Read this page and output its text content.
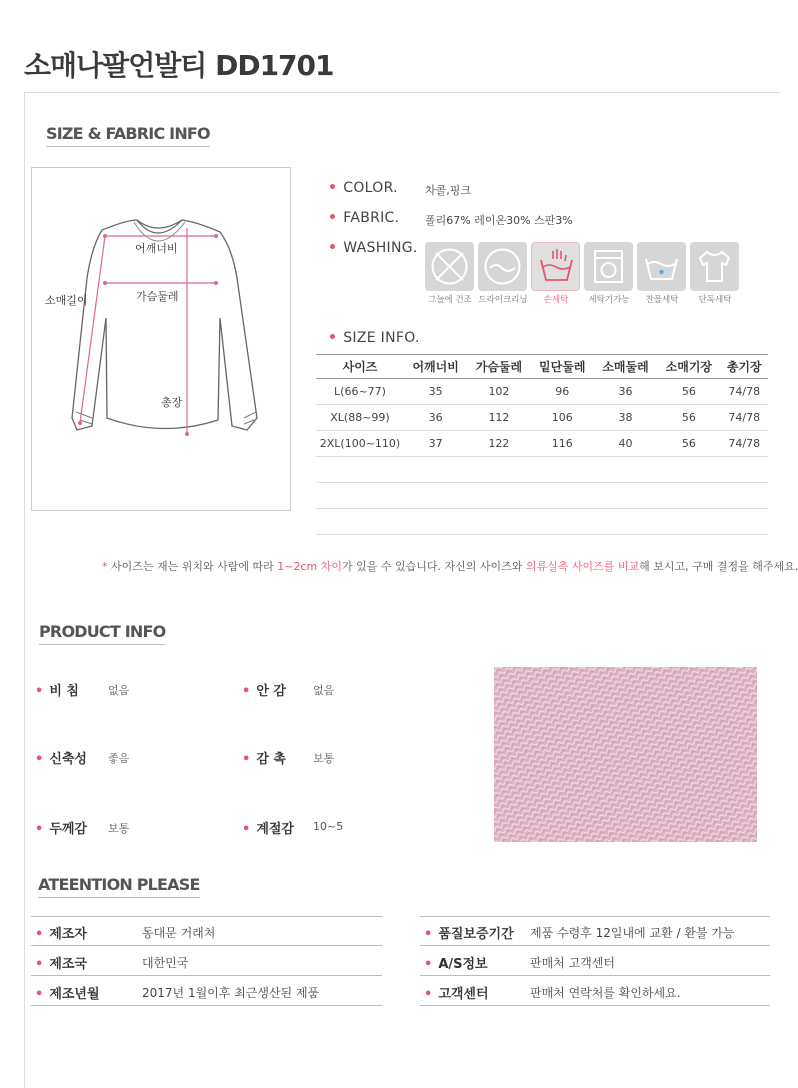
소매나팔언발티 DD1701
SIZE & FABRIC INFO
어깨너비
소매길이	가슴둘레
총장
• COLOR. 차콜,핑크
• FABRIC. 폴리67% 레이온30% 스판3%
• WASHING.
그늘에 건조 드라이크리닝	손세탁	세탁기가능	찬물세탁	단독세탁
• SIZE INFO.
사이즈	어깨너비	가슴둘레	밑단둘레	소매둘레	소매기장	총기장
L(66~77)	35	102	96	36	56	74/78
XL(88~99)	36	112	106	38	56	74/78
2XL(100~110)	37	122	116	40	56	74/78
* 사이즈는 재는 위치와 사람에 따라 1~2cm 차이가 있을 수 있습니다. 자신의 사이즈와 의류실측 사이즈를 비교해 보시고, 구매 결정을 해주세요.
PRODUCT INFO
• 비 침	없음	• 안 감 없음
• 신축성 좋음	• 감 촉 보통
• 두께감 보통	• 계절감 10~5
ATEENTION PLEASE
• 제조자	동대문 거래처
• 제조국	대한민국
• 제조년월	2017년 1월이후 최근생산된 제품
• 품질보증기간 제품 수령후 12일내에 교환 / 환불 가능
• A/S정보	판매처 고객센터
• 고객센터	판매처 연락처를 확인하세요.
